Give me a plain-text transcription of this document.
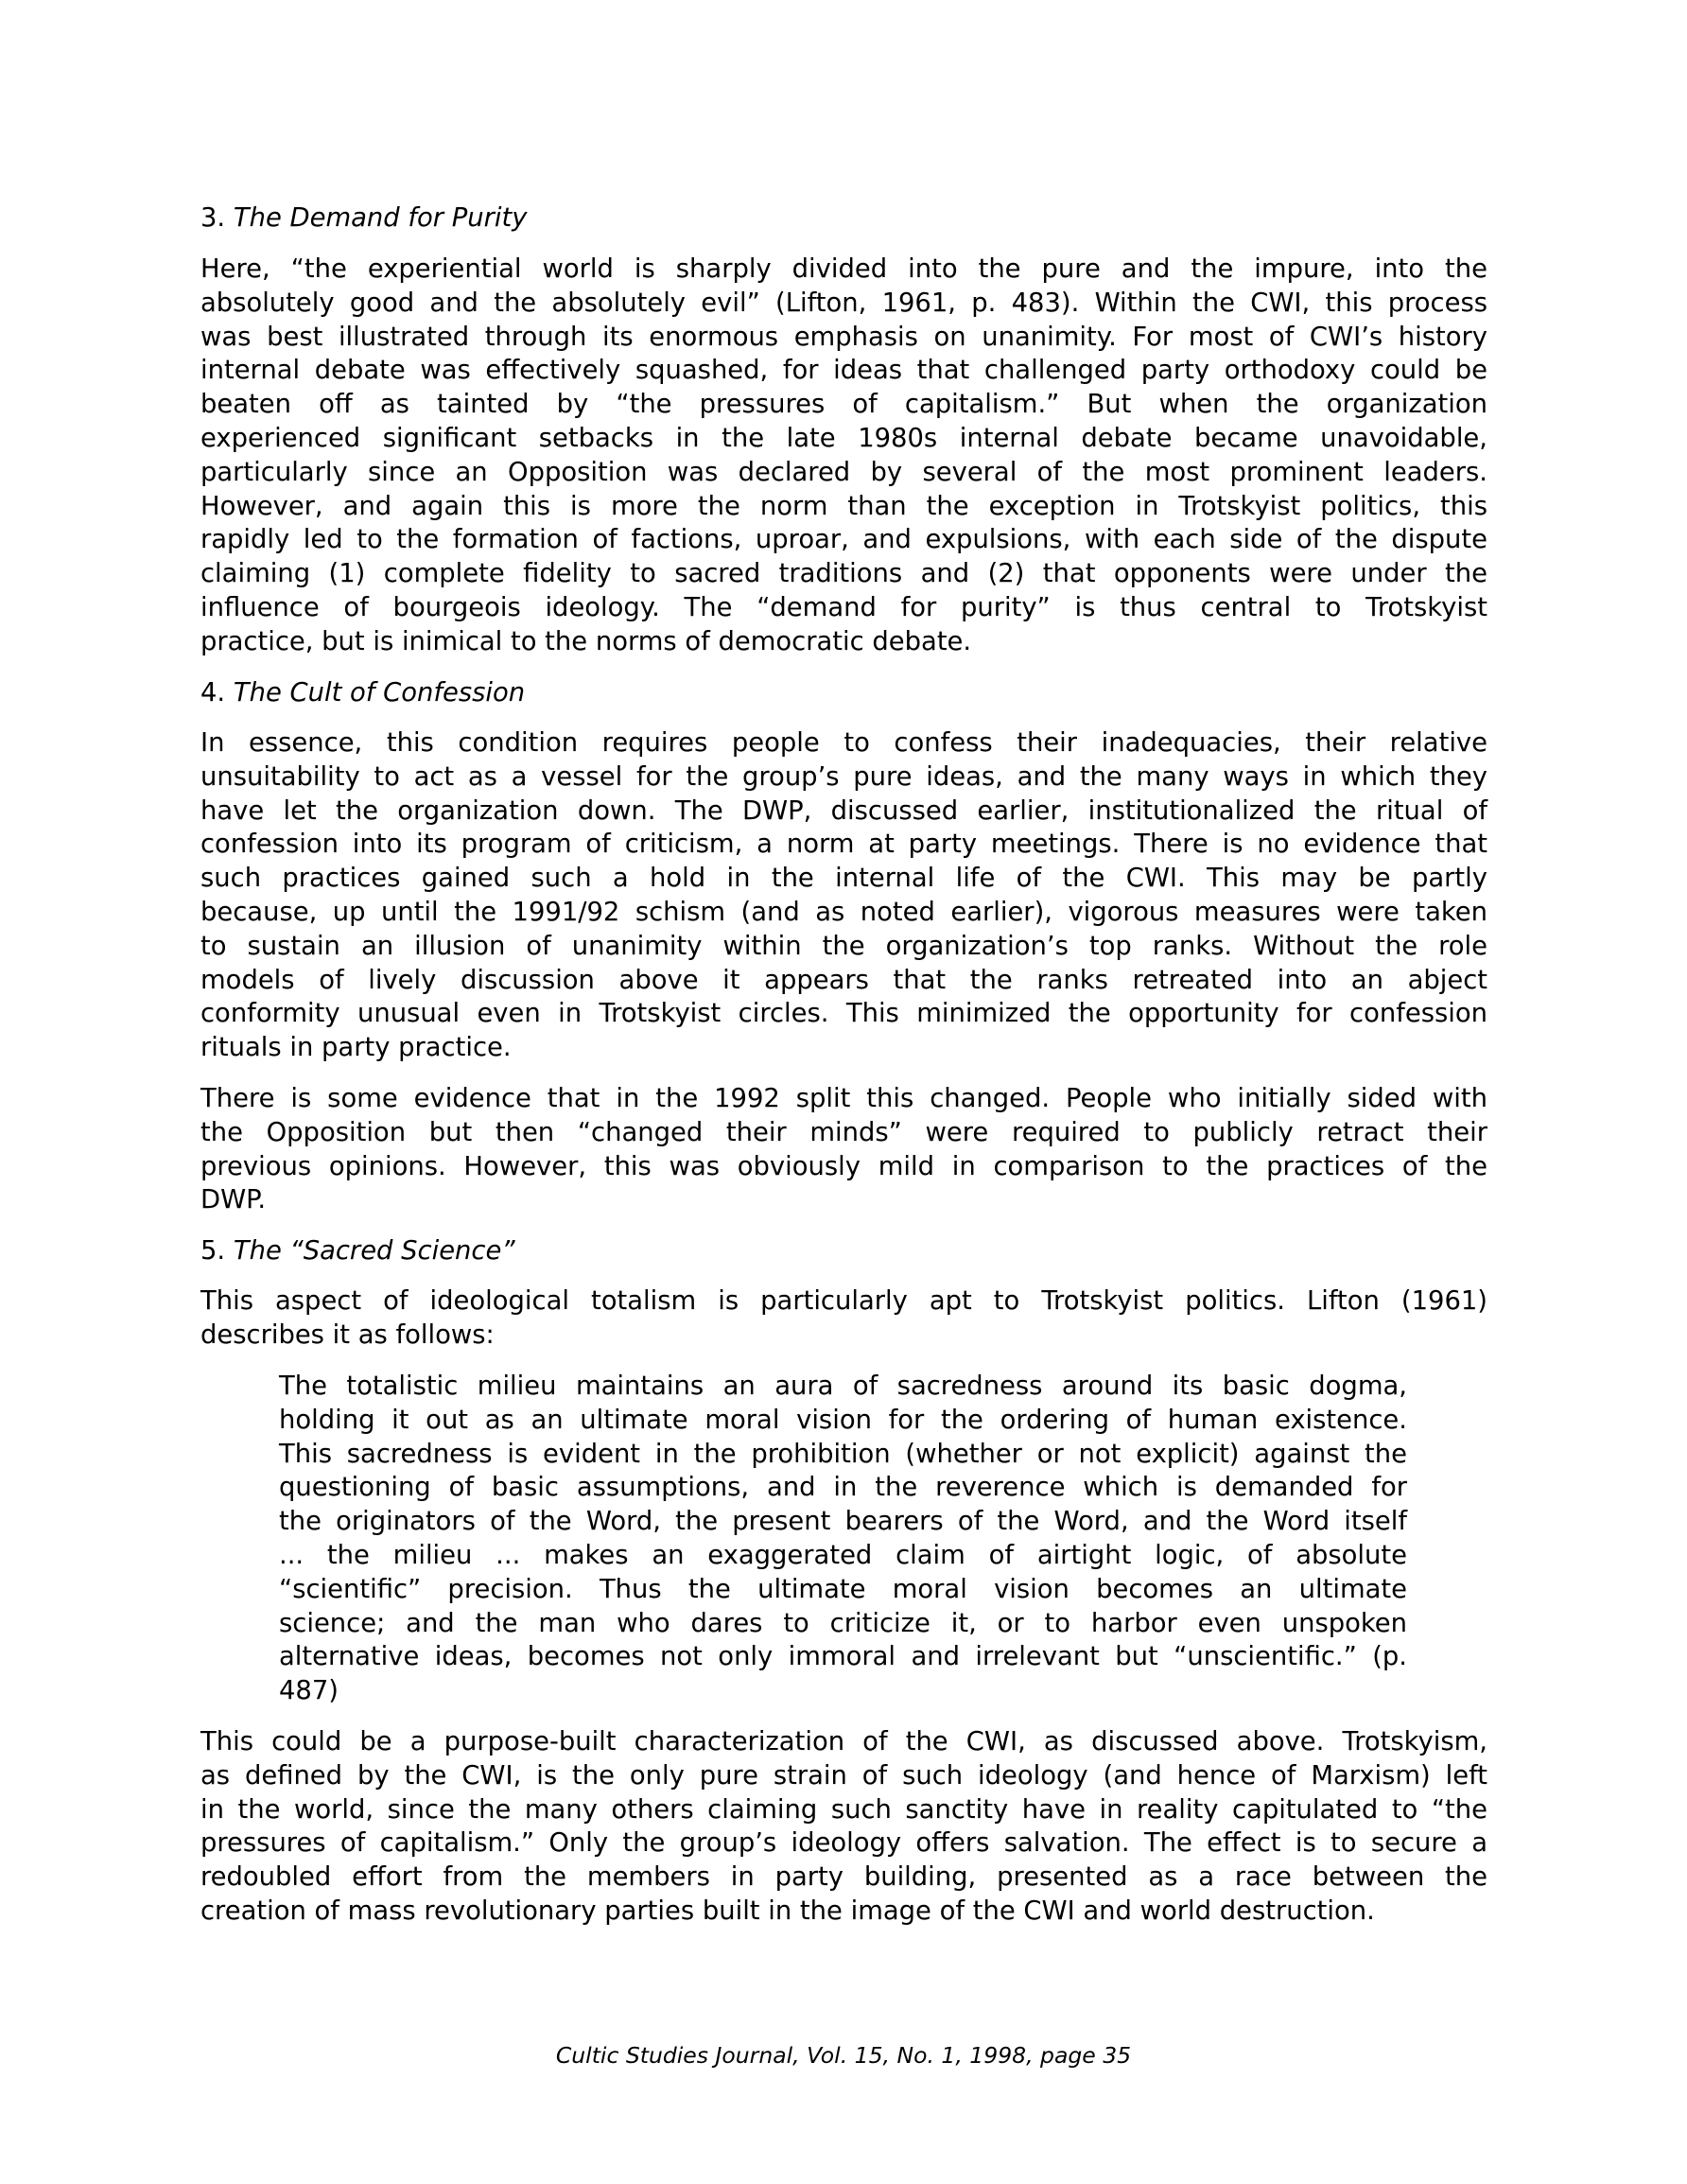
3. The Demand for Purity
Here, “the experiential world is sharply divided into the pure and the impure, into the
absolutely good and the absolutely evil” (Lifton, 1961, p. 483). Within the CWI, this process
was best illustrated through its enormous emphasis on unanimity. For most of CWI’s history
internal debate was effectively squashed, for ideas that challenged party orthodoxy could be
beaten off as tainted by “the pressures of capitalism.” But when the organization
experienced significant setbacks in the late 1980s internal debate became unavoidable,
particularly since an Opposition was declared by several of the most prominent leaders.
However, and again this is more the norm than the exception in Trotskyist politics, this
rapidly led to the formation of factions, uproar, and expulsions, with each side of the dispute
claiming (1) complete fidelity to sacred traditions and (2) that opponents were under the
influence of bourgeois ideology. The “demand for purity” is thus central to Trotskyist
practice, but is inimical to the norms of democratic debate.
4. The Cult of Confession
In essence, this condition requires people to confess their inadequacies, their relative
unsuitability to act as a vessel for the group’s pure ideas, and the many ways in which they
have let the organization down. The DWP, discussed earlier, institutionalized the ritual of
confession into its program of criticism, a norm at party meetings. There is no evidence that
such practices gained such a hold in the internal life of the CWI. This may be partly
because, up until the 1991/92 schism (and as noted earlier), vigorous measures were taken
to sustain an illusion of unanimity within the organization’s top ranks. Without the role
models of lively discussion above it appears that the ranks retreated into an abject
conformity unusual even in Trotskyist circles. This minimized the opportunity for confession
rituals in party practice.
There is some evidence that in the 1992 split this changed. People who initially sided with
the Opposition but then “changed their minds” were required to publicly retract their
previous opinions. However, this was obviously mild in comparison to the practices of the
DWP.
5. The “Sacred Science”
This aspect of ideological totalism is particularly apt to Trotskyist politics. Lifton (1961)
describes it as follows:
The totalistic milieu maintains an aura of sacredness around its basic dogma,
holding it out as an ultimate moral vision for the ordering of human existence.
This sacredness is evident in the prohibition (whether or not explicit) against the
questioning of basic assumptions, and in the reverence which is demanded for
the originators of the Word, the present bearers of the Word, and the Word itself
... the milieu ... makes an exaggerated claim of airtight logic, of absolute
“scientific” precision. Thus the ultimate moral vision becomes an ultimate
science; and the man who dares to criticize it, or to harbor even unspoken
alternative ideas, becomes not only immoral and irrelevant but “unscientific.” (p.
487)
This could be a purpose-built characterization of the CWI, as discussed above. Trotskyism,
as defined by the CWI, is the only pure strain of such ideology (and hence of Marxism) left
in the world, since the many others claiming such sanctity have in reality capitulated to “the
pressures of capitalism.” Only the group’s ideology offers salvation. The effect is to secure a
redoubled effort from the members in party building, presented as a race between the
creation of mass revolutionary parties built in the image of the CWI and world destruction.
Cultic Studies Journal, Vol. 15, No. 1, 1998, page 35
